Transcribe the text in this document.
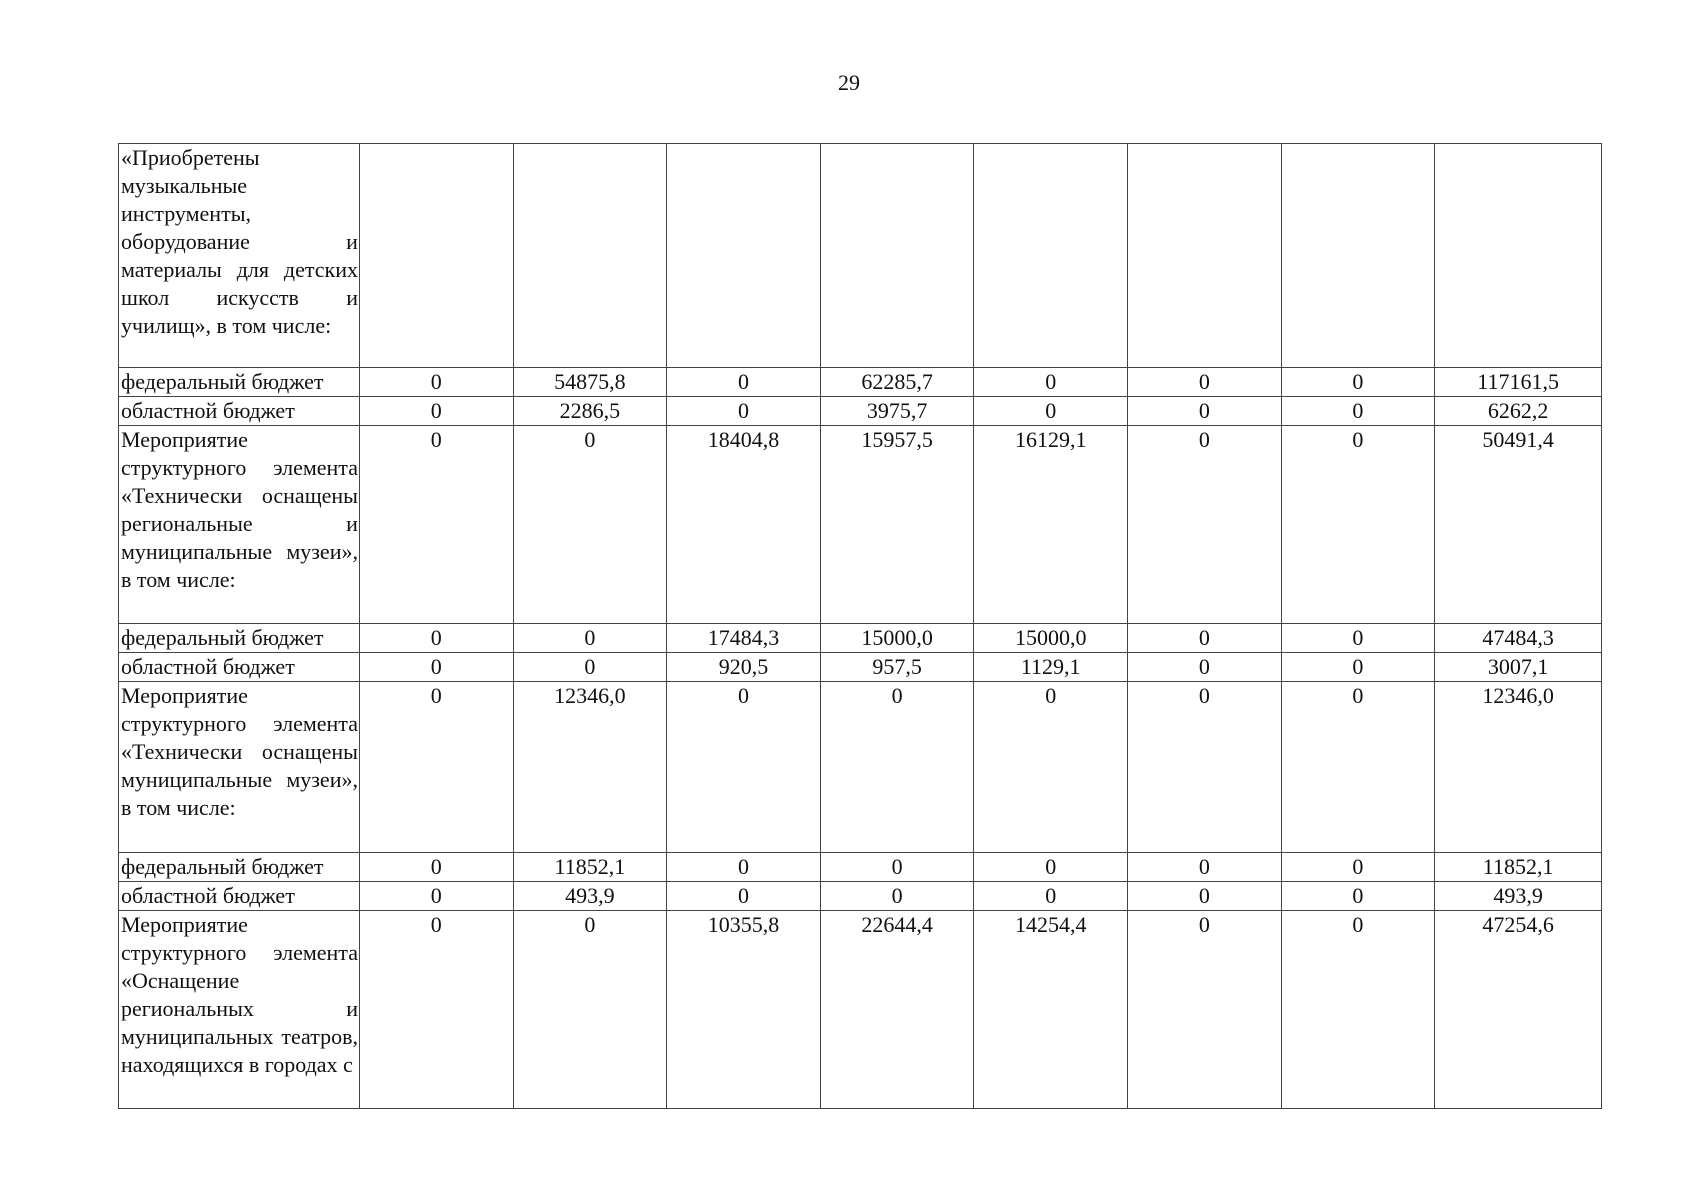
29
«Приобретены музыкальные инструменты, оборудование и материалы для детских школ искусств и училищ», в том числе:								

федеральный бюджет	0	54875,8	0	62285,7	0	0	0	117161,5

областной бюджет	0	2286,5	0	3975,7	0	0	0	6262,2

Мероприятие структурного элемента «Технически оснащены региональные и муниципальные музеи», в том числе:	0	0	18404,8	15957,5	16129,1	0	0	50491,4

федеральный бюджет	0	0	17484,3	15000,0	15000,0	0	0	47484,3

областной бюджет	0	0	920,5	957,5	1129,1	0	0	3007,1

Мероприятие структурного элемента «Технически оснащены муниципальные музеи», в том числе:	0	12346,0	0	0	0	0	0	12346,0

федеральный бюджет	0	11852,1	0	0	0	0	0	11852,1

областной бюджет	0	493,9	0	0	0	0	0	493,9

Мероприятие структурного элемента «Оснащение региональных и муниципальных театров, находящихся в городах с	0	0	10355,8	22644,4	14254,4	0	0	47254,6
